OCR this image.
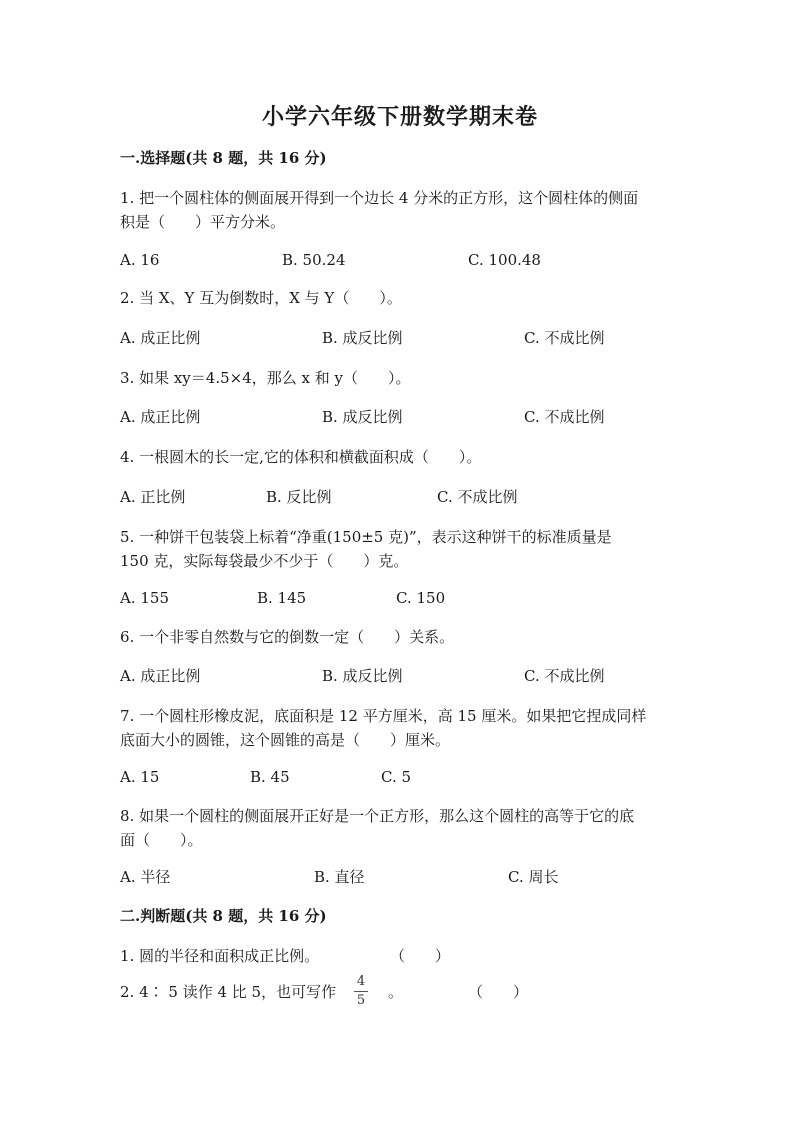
小学六年级下册数学期末卷
一.选择题(共 8 题，共 16 分)
1. 把一个圆柱体的侧面展开得到一个边长 4 分米的正方形，这个圆柱体的侧面
积是（　　）平方分米。
A. 16	B. 50.24	C. 100.48
2. 当 X、Y 互为倒数时，X 与 Y（　　）。
A. 成正比例	B. 成反比例	C. 不成比例
3. 如果 xy＝4.5×4，那么 x 和 y（　　）。
A. 成正比例	B. 成反比例	C. 不成比例
4. 一根圆木的长一定,它的体积和横截面积成（　　）。
A. 正比例	B. 反比例	C. 不成比例
5. 一种饼干包装袋上标着“净重(150±5 克)”，表示这种饼干的标准质量是
150 克，实际每袋最少不少于（　　）克。
A. 155	B. 145	C. 150
6. 一个非零自然数与它的倒数一定（　　）关系。
A. 成正比例	B. 成反比例	C. 不成比例
7. 一个圆柱形橡皮泥，底面积是 12 平方厘米，高 15 厘米。如果把它捏成同样
底面大小的圆锥，这个圆锥的高是（　　）厘米。
A. 15	B. 45	C. 5
8. 如果一个圆柱的侧面展开正好是一个正方形，那么这个圆柱的高等于它的底
面（　　）。
A. 半径	B. 直径	C. 周长
二.判断题(共 8 题，共 16 分)
1. 圆的半径和面积成正比例。	（　　）
2. 4∶ 5 读作 4 比 5，也可写作
4
5 。	（　　）
